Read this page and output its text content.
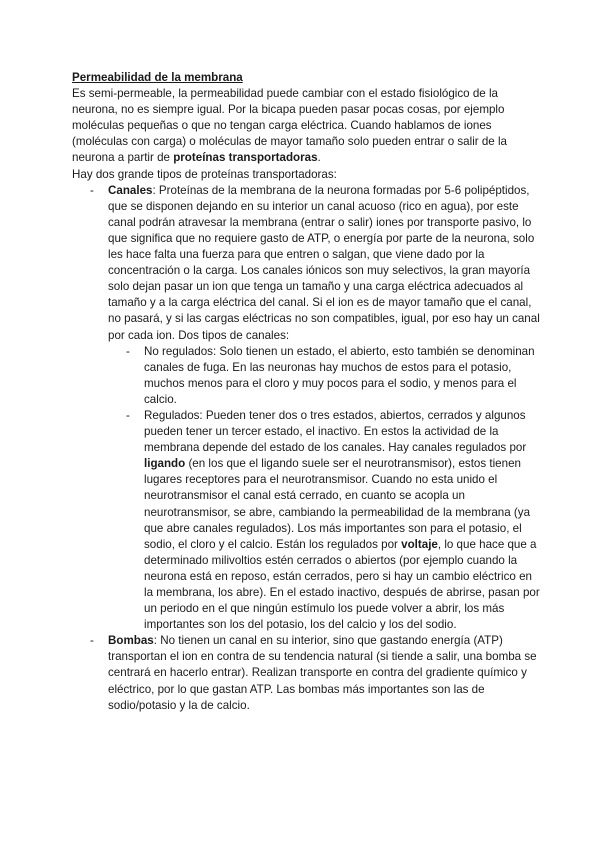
Permeabilidad de la membrana

Es semi-permeable, la permeabilidad puede cambiar con el estado fisiológico de la neurona, no es siempre igual. Por la bicapa pueden pasar pocas cosas, por ejemplo moléculas pequeñas o que no tengan carga eléctrica. Cuando hablamos de iones (moléculas con carga) o moléculas de mayor tamaño solo pueden entrar o salir de la neurona a partir de proteínas transportadoras.

Hay dos grande tipos de proteínas transportadoras:

- Canales: Proteínas de la membrana de la neurona formadas por 5-6 polipéptidos, que se disponen dejando en su interior un canal acuoso (rico en agua), por este canal podrán atravesar la membrana (entrar o salir) iones por transporte pasivo, lo que significa que no requiere gasto de ATP, o energía por parte de la neurona, solo les hace falta una fuerza para que entren o salgan, que viene dado por la concentración o la carga. Los canales iónicos son muy selectivos, la gran mayoría solo dejan pasar un ion que tenga un tamaño y una carga eléctrica adecuados al tamaño y a la carga eléctrica del canal. Si el ion es de mayor tamaño que el canal, no pasará, y si las cargas eléctricas no son compatibles, igual, por eso hay un canal por cada ion. Dos tipos de canales:
- No regulados: Solo tienen un estado, el abierto, esto también se denominan canales de fuga. En las neuronas hay muchos de estos para el potasio, muchos menos para el cloro y muy pocos para el sodio, y menos para el calcio.
- Regulados: Pueden tener dos o tres estados, abiertos, cerrados y algunos pueden tener un tercer estado, el inactivo. En estos la actividad de la membrana depende del estado de los canales. Hay canales regulados por ligando (en los que el ligando suele ser el neurotransmisor), estos tienen lugares receptores para el neurotransmisor. Cuando no esta unido el neurotransmisor el canal está cerrado, en cuanto se acopla un neurotransmisor, se abre, cambiando la permeabilidad de la membrana (ya que abre canales regulados). Los más importantes son para el potasio, el sodio, el cloro y el calcio. Están los regulados por voltaje, lo que hace que a determinado milivoltios estén cerrados o abiertos (por ejemplo cuando la neurona está en reposo, están cerrados, pero si hay un cambio eléctrico en la membrana, los abre). En el estado inactivo, después de abrirse, pasan por un periodo en el que ningún estímulo los puede volver a abrir, los más importantes son los del potasio, los del calcio y los del sodio.
- Bombas: No tienen un canal en su interior, sino que gastando energía (ATP) transportan el ion en contra de su tendencia natural (si tiende a salir, una bomba se centrará en hacerlo entrar). Realizan transporte en contra del gradiente químico y eléctrico, por lo que gastan ATP. Las bombas más importantes son las de sodio/potasio y la de calcio.
